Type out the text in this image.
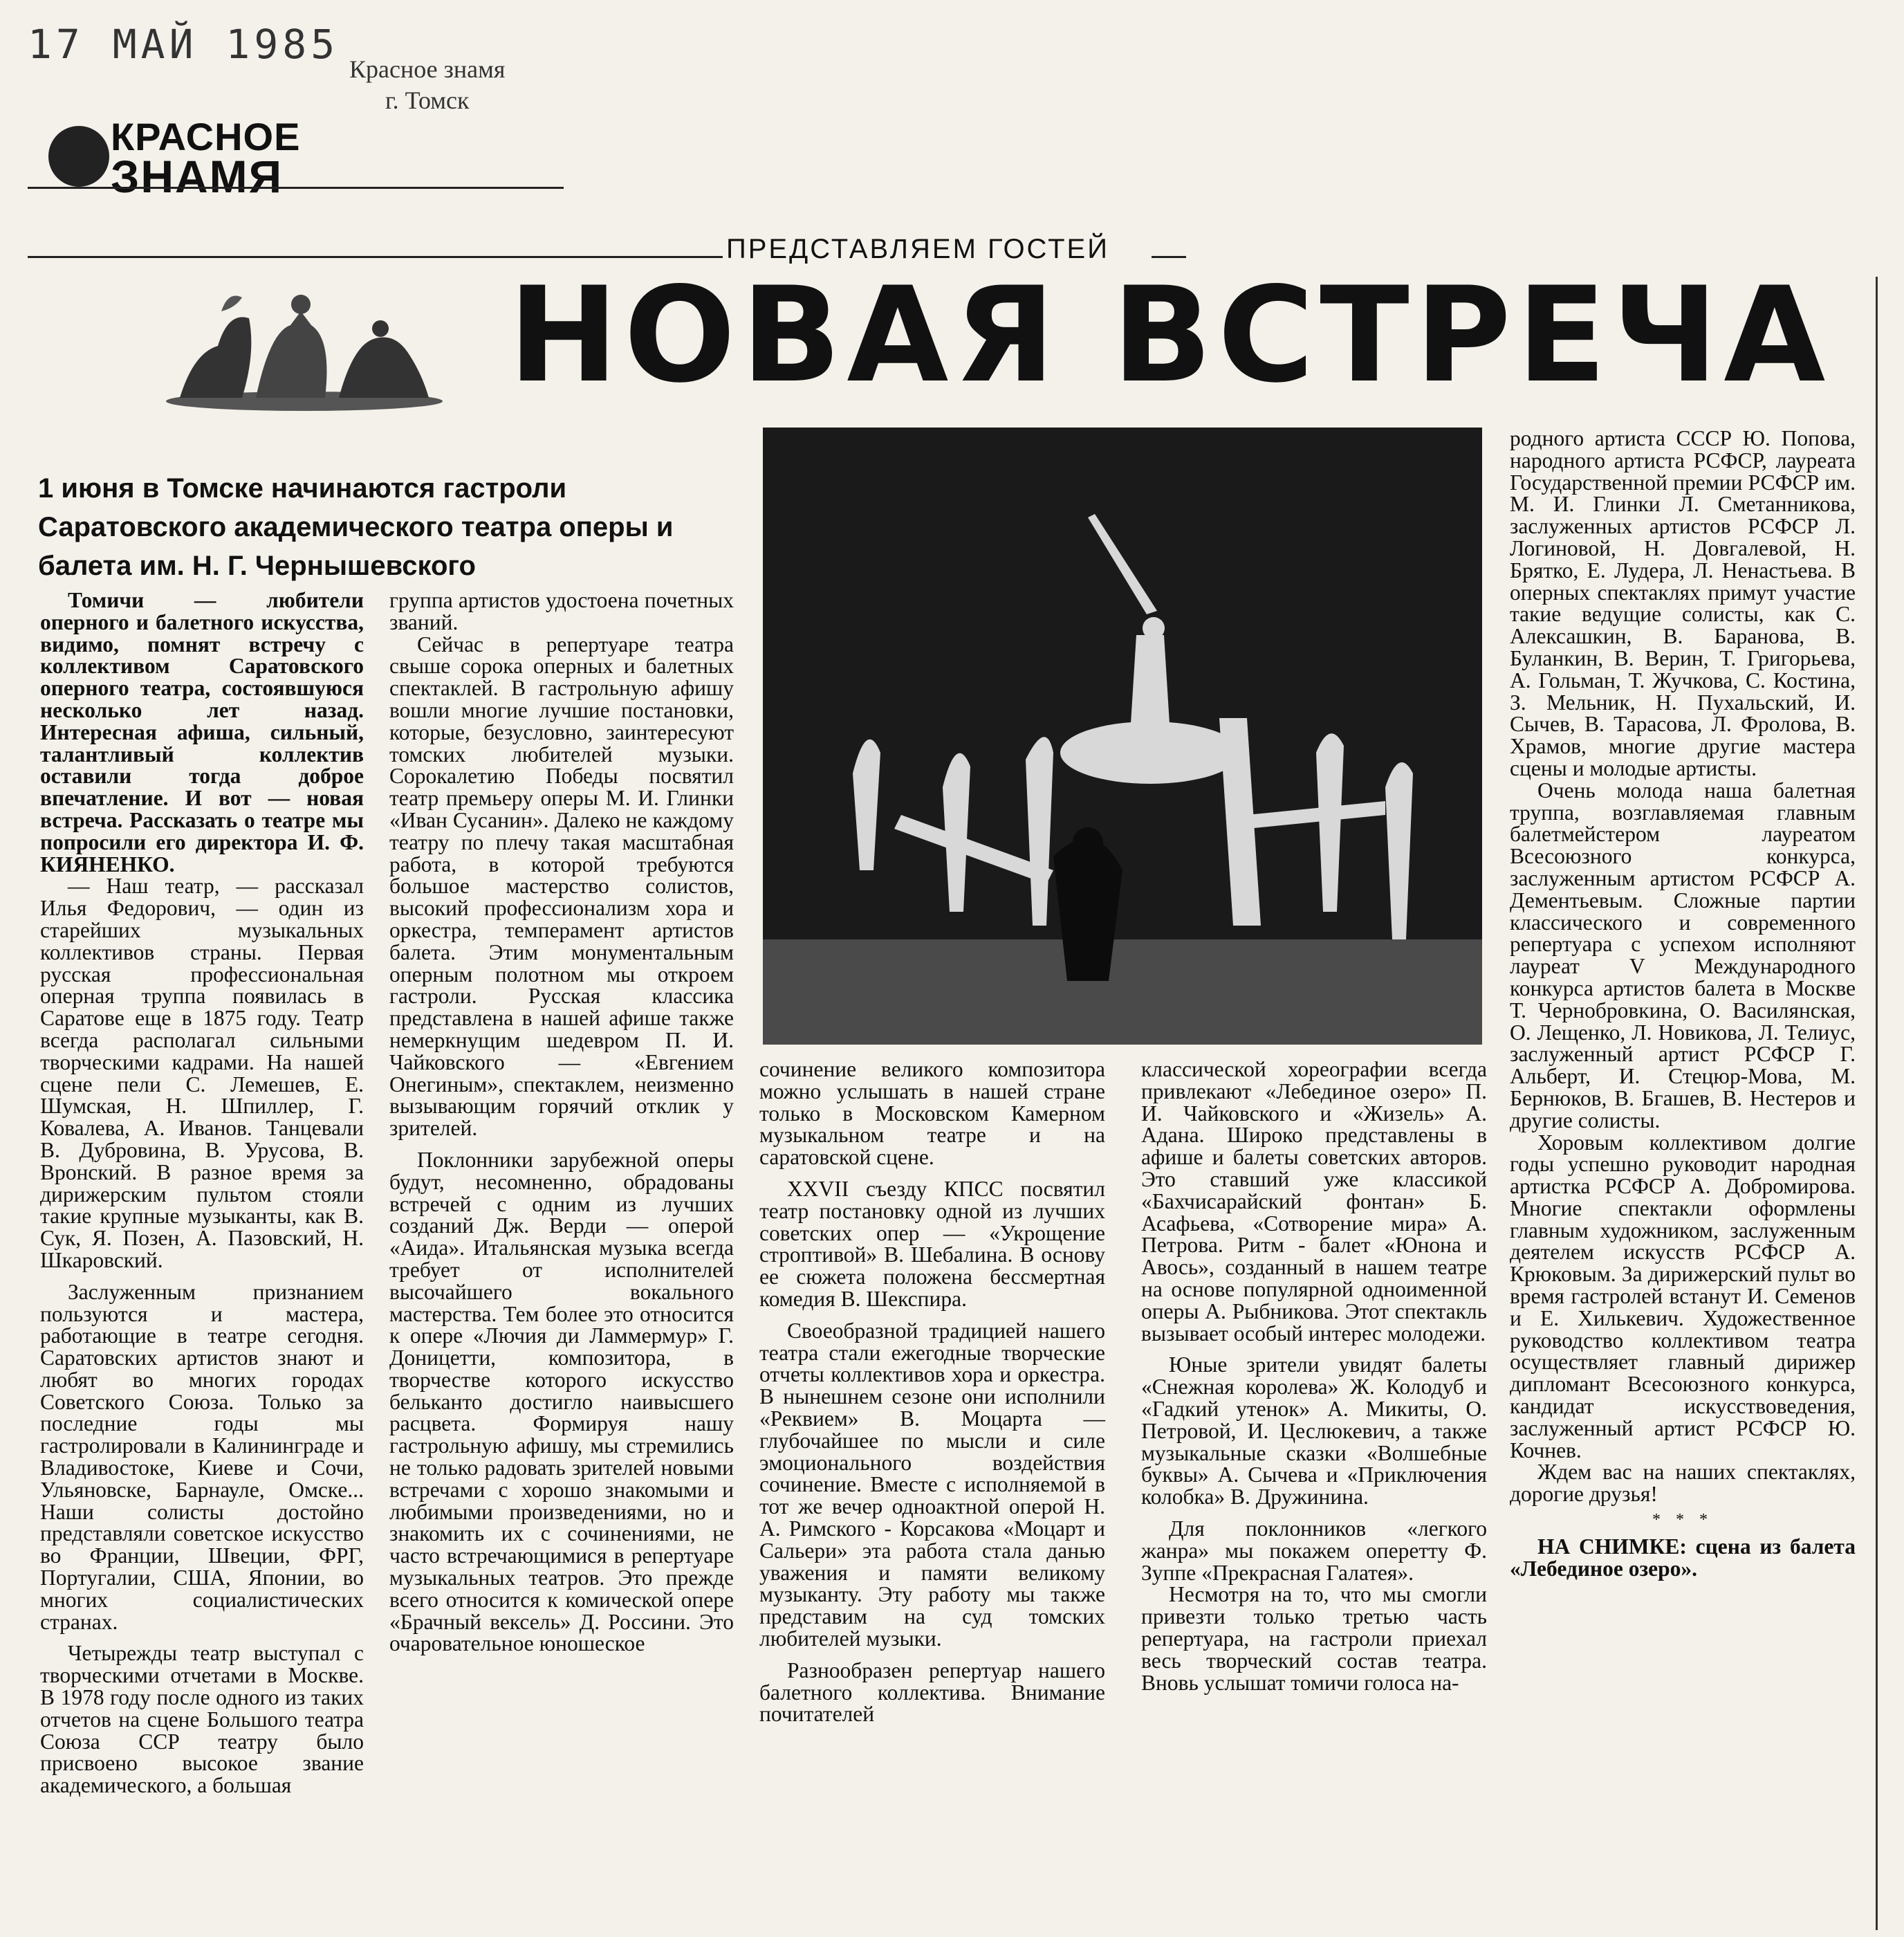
17 МАЙ 1985
Красное знамя
г. Томск
КРАСНОЕ
ЗНАМЯ
ПРЕДСТАВЛЯЕМ ГОСТЕЙ
НОВАЯ ВСТРЕЧА
1 июня в Томске начинаются гастроли Саратовского академического театра оперы и балета им. Н. Г. Чернышевского

Томичи — любители оперного и балетного искусства, видимо, помнят встречу с коллективом Саратовского оперного театра, состоявшуюся несколько лет назад. Интересная афиша, сильный, талантливый коллектив оставили тогда доброе впечатление. И вот — новая встреча. Рассказать о театре мы попросили его директора И. Ф. КИЯНЕНКО.

— Наш театр, — рассказал Илья Федорович, — один из старейших музыкальных коллективов страны. Первая русская профессиональная оперная труппа появилась в Саратове еще в 1875 году. Театр всегда располагал сильными творческими кадрами. На нашей сцене пели С. Лемешев, Е. Шумская, Н. Шпиллер, Г. Ковалева, А. Иванов. Танцевали В. Дубровина, В. Урусова, В. Вронский. В разное время за дирижерским пультом стояли такие крупные музыканты, как В. Сук, Я. Позен, А. Пазовский, Н. Шкаровский.

Заслуженным признанием пользуются и мастера, работающие в театре сегодня. Саратовских артистов знают и любят во многих городах Советского Союза. Только за последние годы мы гастролировали в Калининграде и Владивостоке, Киеве и Сочи, Ульяновске, Барнауле, Омске... Наши солисты достойно представляли советское искусство во Франции, Швеции, ФРГ, Португалии, США, Японии, во многих социалистических странах.

Четырежды театр выступал с творческими отчетами в Москве. В 1978 году после одного из таких отчетов на сцене Большого театра Союза ССР театру было присвоено высокое звание академического, а большая

группа артистов удостоена почетных званий.

Сейчас в репертуаре театра свыше сорока оперных и балетных спектаклей. В гастрольную афишу вошли многие лучшие постановки, которые, безусловно, заинтересуют томских любителей музыки. Сорокалетию Победы посвятил театр премьеру оперы М. И. Глинки «Иван Сусанин». Далеко не каждому театру по плечу такая масштабная работа, в которой требуются большое мастерство солистов, высокий профессионализм хора и оркестра, темперамент артистов балета. Этим монументальным оперным полотном мы откроем гастроли. Русская классика представлена в нашей афише также немеркнущим шедевром П. И. Чайковского — «Евгением Онегиным», спектаклем, неизменно вызывающим горячий отклик у зрителей.

Поклонники зарубежной оперы будут, несомненно, обрадованы встречей с одним из лучших созданий Дж. Верди — оперой «Аида». Итальянская музыка всегда требует от исполнителей высочайшего вокального мастерства. Тем более это относится к опере «Лючия ди Ламмермур» Г. Доницетти, композитора, в творчестве которого искусство бельканто достигло наивысшего расцвета. Формируя нашу гастрольную афишу, мы стремились не только радовать зрителей новыми встречами с хорошо знакомыми и любимыми произведениями, но и знакомить их с сочинениями, не часто встречающимися в репертуаре музыкальных театров. Это прежде всего относится к комической опере «Брачный вексель» Д. Россини. Это очаровательное юношеское

сочинение великого композитора можно услышать в нашей стране только в Московском Камерном музыкальном театре и на саратовской сцене.

XXVII съезду КПСС посвятил театр постановку одной из лучших советских опер — «Укрощение строптивой» В. Шебалина. В основу ее сюжета положена бессмертная комедия В. Шекспира.

Своеобразной традицией нашего театра стали ежегодные творческие отчеты коллективов хора и оркестра. В нынешнем сезоне они исполнили «Реквием» В. Моцарта — глубочайшее по мысли и силе эмоционального воздействия сочинение. Вместе с исполняемой в тот же вечер одноактной оперой Н. А. Римского - Корсакова «Моцарт и Сальери» эта работа стала данью уважения и памяти великому музыканту. Эту работу мы также представим на суд томских любителей музыки.

Разнообразен репертуар нашего балетного коллектива. Внимание почитателей

классической хореографии всегда привлекают «Лебединое озеро» П. И. Чайковского и «Жизель» А. Адана. Широко представлены в афише и балеты советских авторов. Это ставший уже классикой «Бахчисарайский фонтан» Б. Асафьева, «Сотворение мира» А. Петрова. Ритм - балет «Юнона и Авось», созданный в нашем театре на основе популярной одноименной оперы А. Рыбникова. Этот спектакль вызывает особый интерес молодежи.

Юные зрители увидят балеты «Снежная королева» Ж. Колодуб и «Гадкий утенок» А. Микиты, О. Петровой, И. Цеслюкевич, а также музыкальные сказки «Волшебные буквы» А. Сычева и «Приключения колобка» В. Дружинина.

Для поклонников «легкого жанра» мы покажем оперетту Ф. Зуппе «Прекрасная Галатея».

Несмотря на то, что мы смогли привезти только третью часть репертуара, на гастроли приехал весь творческий состав театра. Вновь услышат томичи голоса на-

родного артиста СССР Ю. Попова, народного артиста РСФСР, лауреата Государственной премии РСФСР им. М. И. Глинки Л. Сметанникова, заслуженных артистов РСФСР Л. Логиновой, Н. Довгалевой, Н. Брятко, Е. Лудера, Л. Ненастьева. В оперных спектаклях примут участие такие ведущие солисты, как С. Алексашкин, В. Баранова, В. Буланкин, В. Верин, Т. Григорьева, А. Гольман, Т. Жучкова, С. Костина, З. Мельник, Н. Пухальский, И. Сычев, В. Тарасова, Л. Фролова, В. Храмов, многие другие мастера сцены и молодые артисты.

Очень молода наша балетная труппа, возглавляемая главным балетмейстером лауреатом Всесоюзного конкурса, заслуженным артистом РСФСР А. Дементьевым. Сложные партии классического и современного репертуара с успехом исполняют лауреат V Международного конкурса артистов балета в Москве Т. Чернобровкина, О. Василянская, О. Лещенко, Л. Новикова, Л. Телиус, заслуженный артист РСФСР Г. Альберт, И. Стецюр-Мова, М. Бернюков, В. Бгашев, В. Нестеров и другие солисты.

Хоровым коллективом долгие годы успешно руководит народная артистка РСФСР А. Добромирова. Многие спектакли оформлены главным художником, заслуженным деятелем искусств РСФСР А. Крюковым. За дирижерский пульт во время гастролей встанут И. Семенов и Е. Хилькевич. Художественное руководство коллективом театра осуществляет главный дирижер дипломант Всесоюзного конкурса, кандидат искусствоведения, заслуженный артист РСФСР Ю. Кочнев.

Ждем вас на наших спектаклях, дорогие друзья!

* * *

НА СНИМКЕ: сцена из балета «Лебединое озеро».
